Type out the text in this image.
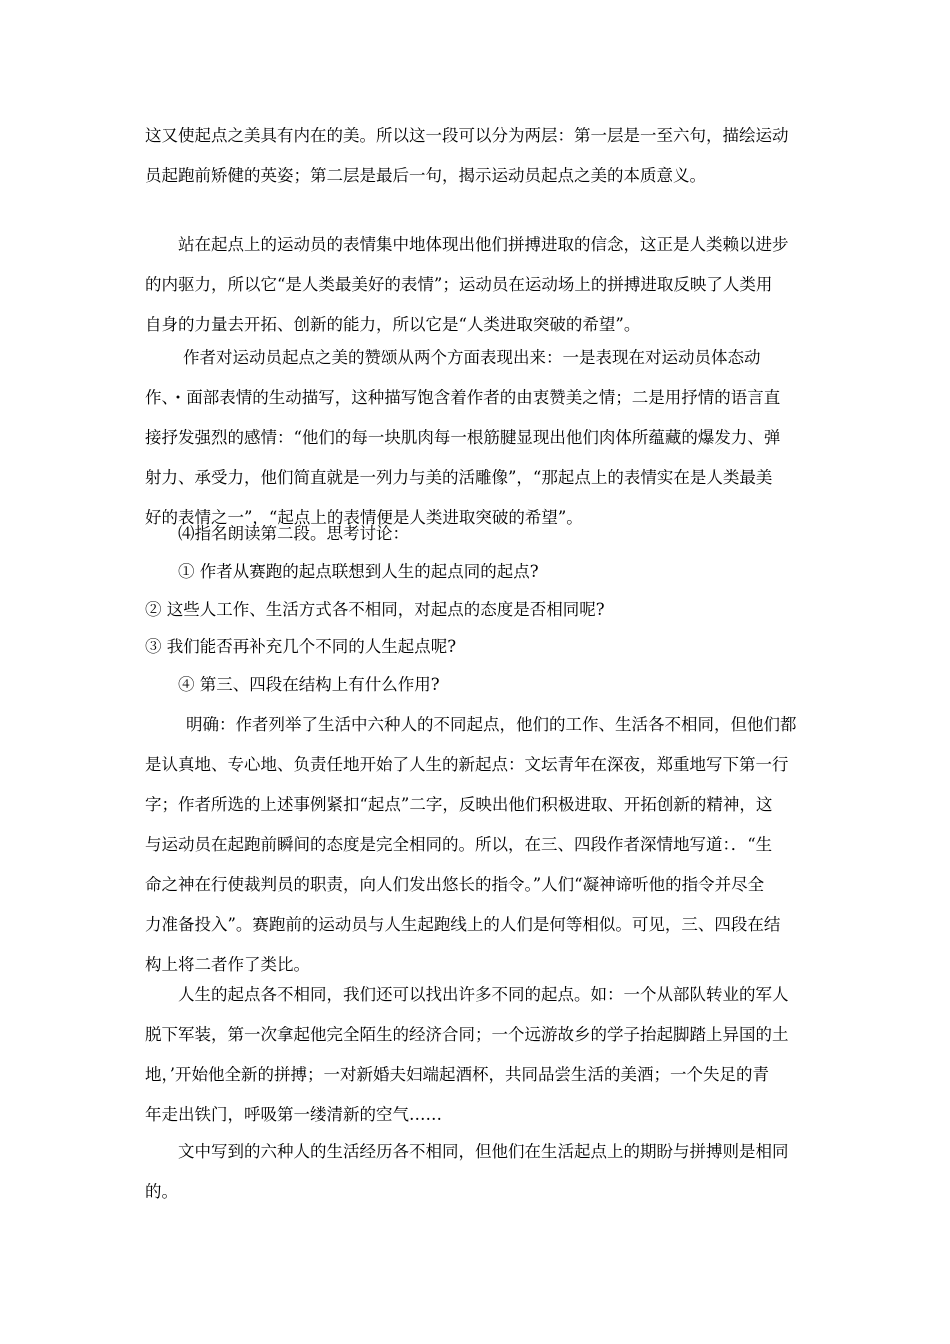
这又使起点之美具有内在的美。所以这一段可以分为两层：第一层是一至六句，描绘运动
员起跑前矫健的英姿；第二层是最后一句，揭示运动员起点之美的本质意义。

站在起点上的运动员的表情集中地体现出他们拼搏进取的信念，这正是人类赖以进步
的内驱力，所以它“是人类最美好的表情”；运动员在运动场上的拼搏进取反映了人类用
自身的力量去开拓、创新的能力，所以它是“人类进取突破的希望”。

作者对运动员起点之美的赞颂从两个方面表现出来：一是表现在对运动员体态动
作、・面部表情的生动描写，这种描写饱含着作者的由衷赞美之情；二是用抒情的语言直
接抒发强烈的感情：“他们的每一块肌肉每一根筋腱显现出他们肉体所蕴藏的爆发力、弹
射力、承受力，他们简直就是一列力与美的活雕像”，“那起点上的表情实在是人类最美
好的表情之一”，“起点上的表情便是人类进取突破的希望”。

⑷指名朗读第二段。思考讨论：

① 作者从赛跑的起点联想到人生的起点同的起点?

② 这些人工作、生活方式各不相同，对起点的态度是否相同呢?

③ 我们能否再补充几个不同的人生起点呢?

④ 第三、四段在结构上有什么作用?

明确：作者列举了生活中六种人的不同起点，他们的工作、生活各不相同，但他们都
是认真地、专心地、负责任地开始了人生的新起点：文坛青年在深夜，郑重地写下第一行
字；作者所选的上述事例紧扣“起点”二字，反映出他们积极进取、开拓创新的精神，这
与运动员在起跑前瞬间的态度是完全相同的。所以，在三、四段作者深情地写道：．“生
命之神在行使裁判员的职责，向人们发出悠长的指令。”人们“凝神谛听他的指令并尽全
力准备投入”。赛跑前的运动员与人生起跑线上的人们是何等相似。可见，三、四段在结
构上将二者作了类比。

人生的起点各不相同，我们还可以找出许多不同的起点。如：一个从部队转业的军人
脱下军装，第一次拿起他完全陌生的经济合同；一个远游故乡的学子抬起脚踏上异国的土
地，’开始他全新的拼搏；一对新婚夫妇端起酒杯，共同品尝生活的美酒；一个失足的青
年走出铁门，呼吸第一缕清新的空气……

文中写到的六种人的生活经历各不相同，但他们在生活起点上的期盼与拼搏则是相同
的。
